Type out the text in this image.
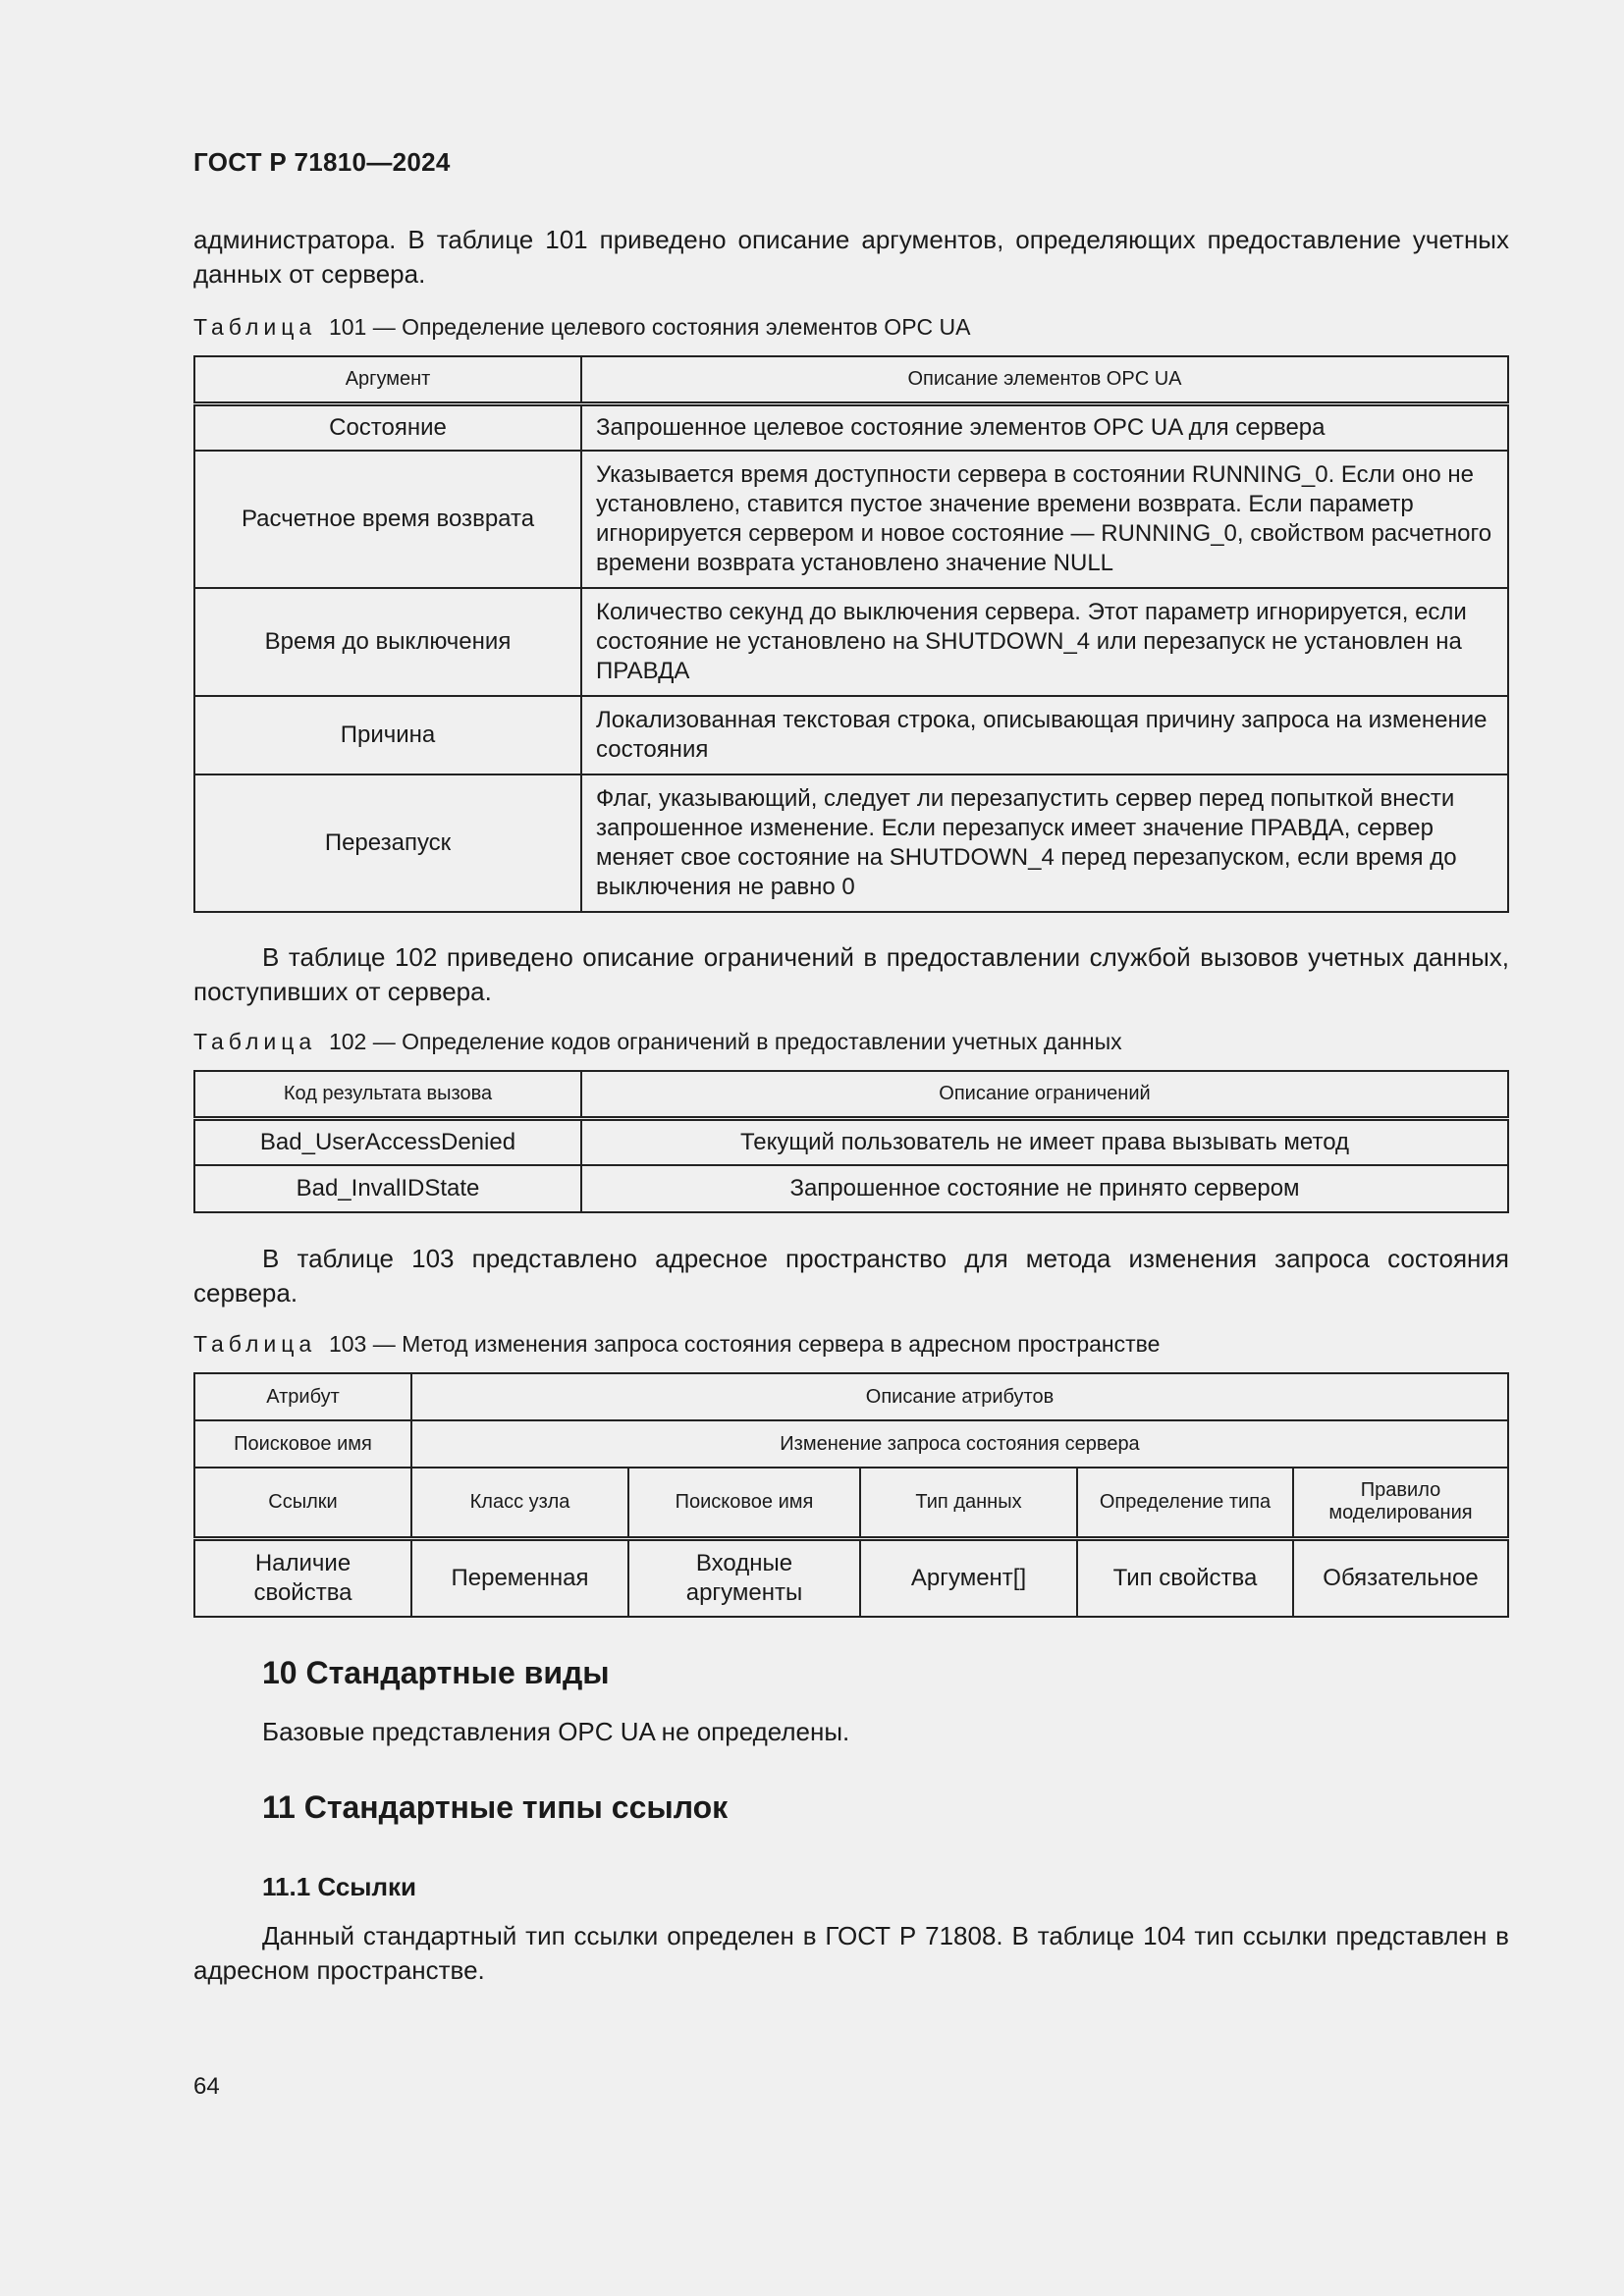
ГОСТ Р 71810—2024
администратора. В таблице 101 приведено описание аргументов, определяющих предоставление учетных данных от сервера.
Таблица 101 — Определение целевого состояния элементов OPC UA
Аргумент	Описание элементов OPC UA
Состояние	Запрошенное целевое состояние элементов OPC UA для сервера
Расчетное время возврата	Указывается время доступности сервера в состоянии RUNNING_0. Если оно не установлено, ставится пустое значение времени возврата. Если параметр игнорируется сервером и новое состояние — RUNNING_0, свойством расчетного времени возврата установлено значение NULL
Время до выключения	Количество секунд до выключения сервера. Этот параметр игнорируется, если состояние не установлено на SHUTDOWN_4 или перезапуск не установлен на ПРАВДА
Причина	Локализованная текстовая строка, описывающая причину запроса на изменение состояния
Перезапуск	Флаг, указывающий, следует ли перезапустить сервер перед попыткой внести запрошенное изменение. Если перезапуск имеет значение ПРАВДА, сервер меняет свое состояние на SHUTDOWN_4 перед перезапуском, если время до выключения не равно 0
В таблице 102 приведено описание ограничений в предоставлении службой вызовов учетных данных, поступивших от сервера.
Таблица 102 — Определение кодов ограничений в предоставлении учетных данных
Код результата вызова	Описание ограничений
Bad_UserAccessDenied	Текущий пользователь не имеет права вызывать метод
Bad_InvalIDState	Запрошенное состояние не принято сервером
В таблице 103 представлено адресное пространство для метода изменения запроса состояния сервера.
Таблица 103 — Метод изменения запроса состояния сервера в адресном пространстве
Атрибут	Описание атрибутов				
Поисковое имя	Изменение запроса состояния сервера				
Ссылки	Класс узла	Поисковое имя	Тип данных	Определение типа	Правило моделирования
Наличие свойства	Переменная	Входные аргументы	Аргумент[]	Тип свойства	Обязательное
10 Стандартные виды
Базовые представления OPC UA не определены.
11 Стандартные типы ссылок
11.1 Ссылки
Данный стандартный тип ссылки определен в ГОСТ Р 71808. В таблице 104 тип ссылки представлен в адресном пространстве.
64
